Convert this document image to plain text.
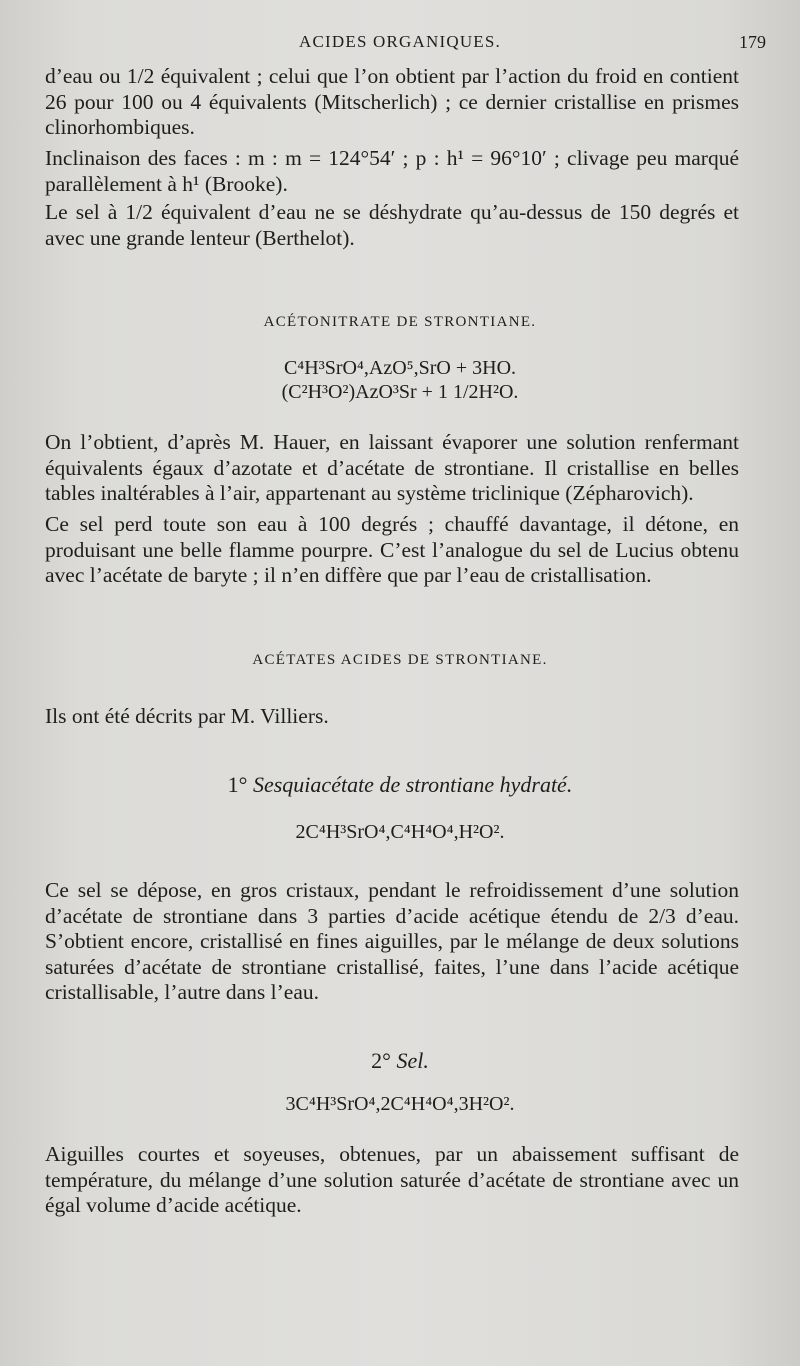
ACIDES ORGANIQUES.	179

d’eau ou 1/2 équivalent ; celui que l’on obtient par l’action du froid en contient 26 pour 100 ou 4 équivalents (Mitscherlich) ; ce dernier cristallise en prismes clinorhombiques.

Inclinaison des faces : m : m = 124°54′ ; p : h¹ = 96°10′ ; clivage peu marqué parallèlement à h¹ (Brooke).

Le sel à 1/2 équivalent d’eau ne se déshydrate qu’au-dessus de 150 degrés et avec une grande lenteur (Berthelot).

ACÉTONITRATE DE STRONTIANE.
C⁴H³SrO⁴,AzO⁵,SrO + 3HO.
(C²H³O²)AzO³Sr + 1 1/2H²O.

On l’obtient, d’après M. Hauer, en laissant évaporer une solution renfermant équivalents égaux d’azotate et d’acétate de strontiane. Il cristallise en belles tables inaltérables à l’air, appartenant au système triclinique (Zépharovich).

Ce sel perd toute son eau à 100 degrés ; chauffé davantage, il détone, en produisant une belle flamme pourpre. C’est l’analogue du sel de Lucius obtenu avec l’acétate de baryte ; il n’en diffère que par l’eau de cristallisation.

ACÉTATES ACIDES DE STRONTIANE.

Ils ont été décrits par M. Villiers.

1° Sesquiacétate de strontiane hydraté.
2C⁴H³SrO⁴,C⁴H⁴O⁴,H²O².

Ce sel se dépose, en gros cristaux, pendant le refroidissement d’une solution d’acétate de strontiane dans 3 parties d’acide acétique étendu de 2/3 d’eau. S’obtient encore, cristallisé en fines aiguilles, par le mélange de deux solutions saturées d’acétate de strontiane cristallisé, faites, l’une dans l’acide acétique cristallisable, l’autre dans l’eau.

2° Sel.
3C⁴H³SrO⁴,2C⁴H⁴O⁴,3H²O².

Aiguilles courtes et soyeuses, obtenues, par un abaissement suffisant de température, du mélange d’une solution saturée d’acétate de strontiane avec un égal volume d’acide acétique.
